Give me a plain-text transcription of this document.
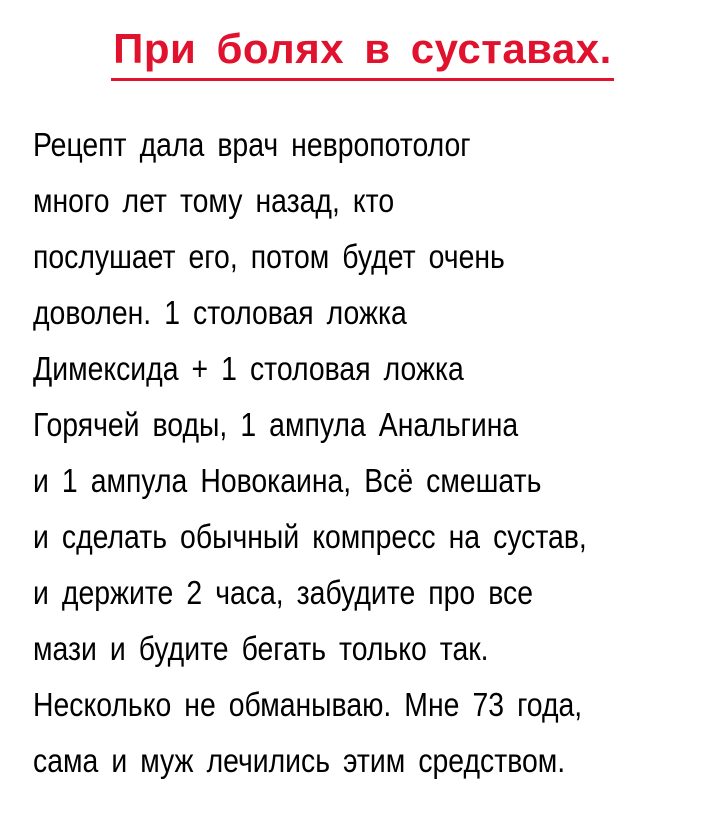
При болях в суставах.
Рецепт дала врач невропотолог
много лет тому назад, кто
послушает его, потом будет очень
доволен. 1 столовая ложка
Димексида + 1 столовая ложка
Горячей воды, 1 ампула Анальгина
и 1 ампула Новокаина, Всё смешать
и сделать обычный компресс на сустав,
и держите 2 часа, забудите про все
мази и будите бегать только так.
Несколько не обманываю. Мне 73 года,
сама и муж лечились этим средством.
